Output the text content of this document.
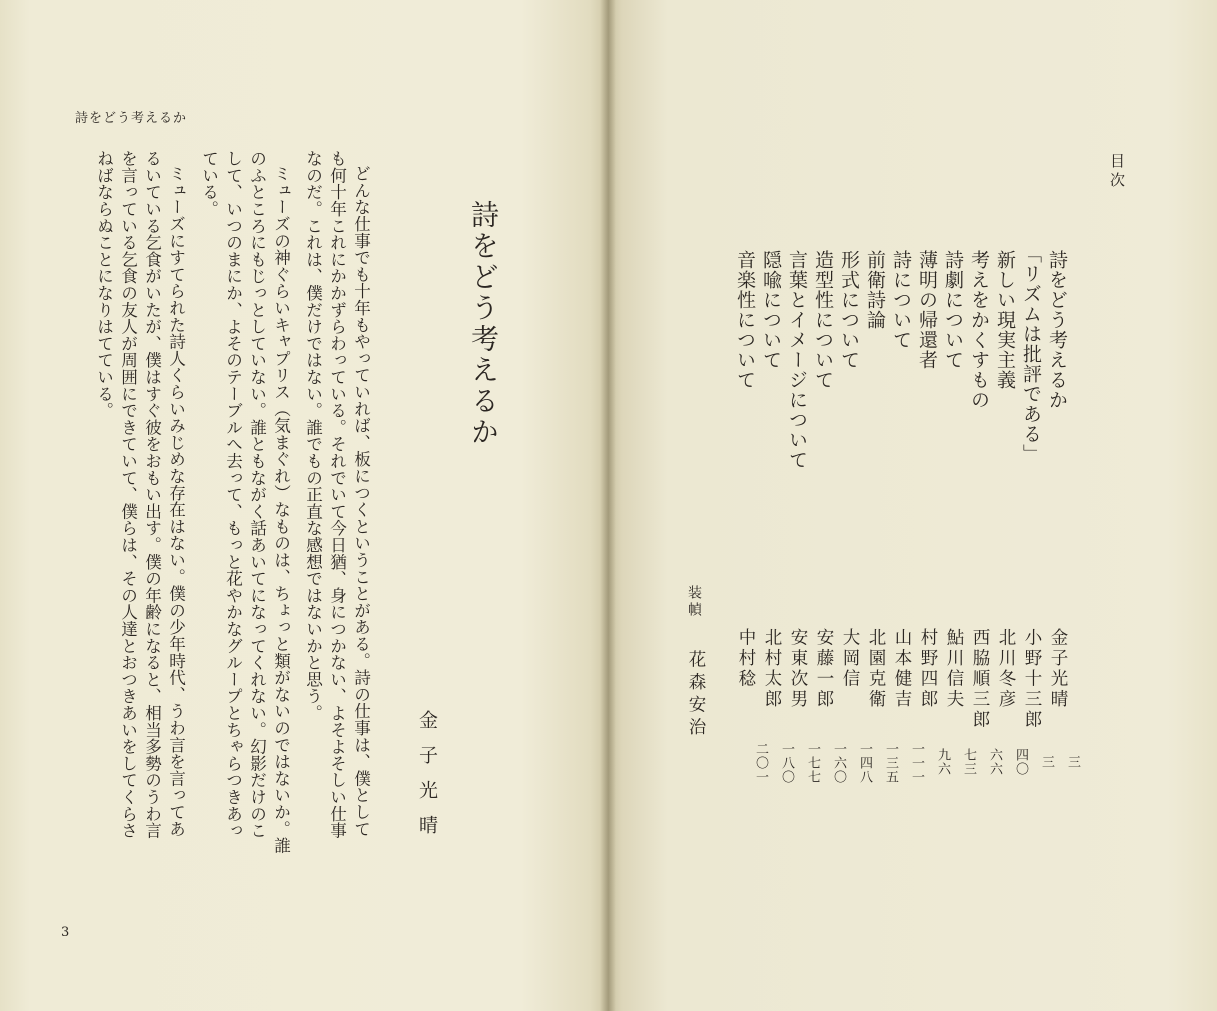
詩をどう考えるか

詩をどう考えるか

金子光晴

どんな仕事でも十年もやっていれば、板につくということがある。詩の仕事は、僕として

も何十年これにかかずらわっている。それでいて今日猶、身につかない、よそよそしい仕事

なのだ。これは、僕だけではない。誰でもの正直な感想ではないかと思う。

ミューズの神ぐらいキャプリス（気まぐれ）なものは、ちょっと類がないのではないか。誰

のふところにもじっとしていない。誰ともながく話あいてになってくれない。幻影だけのこ

して、いつのまにか、よそのテーブルへ去って、もっと花やかなグループとちゃらつきあっ

ている。

ミューズにすてられた詩人くらいみじめな存在はない。僕の少年時代、うわ言を言ってあ

るいている乞食がいたが、僕はすぐ彼をおもい出す。僕の年齢になると、相当多勢のうわ言

を言っている乞食の友人が周囲にできていて、僕らは、その人達とおつきあいをしてくらさ

ねばならぬことになりはてている。

3

目次

詩をどう考えるか

「リズムは批評である」

新しい現実主義

考えをかくすもの

詩劇について

薄明の帰還者

詩について

前衛詩論

形式について

造型性について

言葉とイメージについて

隠喩について

音楽性について

金子光晴

小野十三郎

北川冬彦

西脇順三郎

鮎川信夫

村野四郎

山本健吉

北園克衛

大岡信

安藤一郎

安東次男

北村太郎

中村稔

三

三

四〇

六六

七三

九六

一一一

一三五

一四八

一六〇

一七七

一八〇

二〇一

装幀

花森安治
